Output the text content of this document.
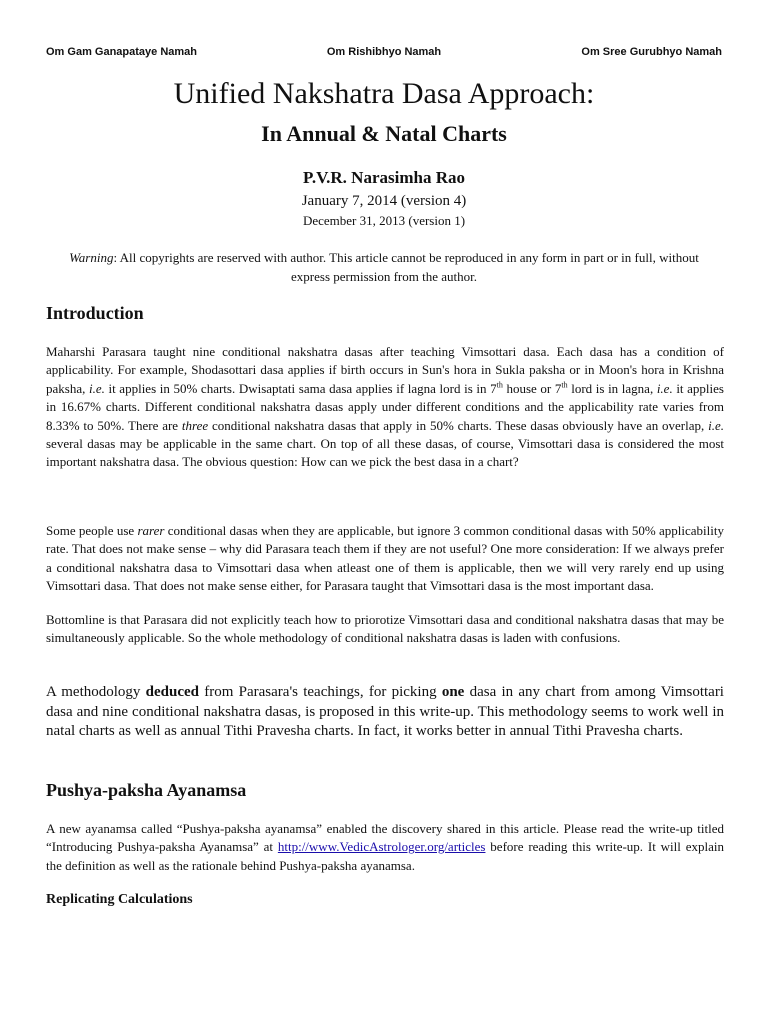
Om Gam Ganapataye Namah	Om Rishibhyo Namah	Om Sree Gurubhyo Namah
Unified Nakshatra Dasa Approach:
In Annual & Natal Charts
P.V.R. Narasimha Rao
January 7, 2014 (version 4)
December 31, 2013 (version 1)
Warning: All copyrights are reserved with author. This article cannot be reproduced in any form in part or in full, without express permission from the author.
Introduction
Maharshi Parasara taught nine conditional nakshatra dasas after teaching Vimsottari dasa. Each dasa has a condition of applicability. For example, Shodasottari dasa applies if birth occurs in Sun's hora in Sukla paksha or in Moon's hora in Krishna paksha, i.e. it applies in 50% charts. Dwisaptati sama dasa applies if lagna lord is in 7th house or 7th lord is in lagna, i.e. it applies in 16.67% charts. Different conditional nakshatra dasas apply under different conditions and the applicability rate varies from 8.33% to 50%. There are three conditional nakshatra dasas that apply in 50% charts. These dasas obviously have an overlap, i.e. several dasas may be applicable in the same chart. On top of all these dasas, of course, Vimsottari dasa is considered the most important nakshatra dasa. The obvious question: How can we pick the best dasa in a chart?
Some people use rarer conditional dasas when they are applicable, but ignore 3 common conditional dasas with 50% applicability rate. That does not make sense – why did Parasara teach them if they are not useful? One more consideration: If we always prefer a conditional nakshatra dasa to Vimsottari dasa when atleast one of them is applicable, then we will very rarely end up using Vimsottari dasa. That does not make sense either, for Parasara taught that Vimsottari dasa is the most important dasa.
Bottomline is that Parasara did not explicitly teach how to priorotize Vimsottari dasa and conditional nakshatra dasas that may be simultaneously applicable. So the whole methodology of conditional nakshatra dasas is laden with confusions.
A methodology deduced from Parasara's teachings, for picking one dasa in any chart from among Vimsottari dasa and nine conditional nakshatra dasas, is proposed in this write-up. This methodology seems to work well in natal charts as well as annual Tithi Pravesha charts. In fact, it works better in annual Tithi Pravesha charts.
Pushya-paksha Ayanamsa
A new ayanamsa called “Pushya-paksha ayanamsa” enabled the discovery shared in this article. Please read the write-up titled “Introducing Pushya-paksha Ayanamsa” at http://www.VedicAstrologer.org/articles before reading this write-up. It will explain the definition as well as the rationale behind Pushya-paksha ayanamsa.
Replicating Calculations
